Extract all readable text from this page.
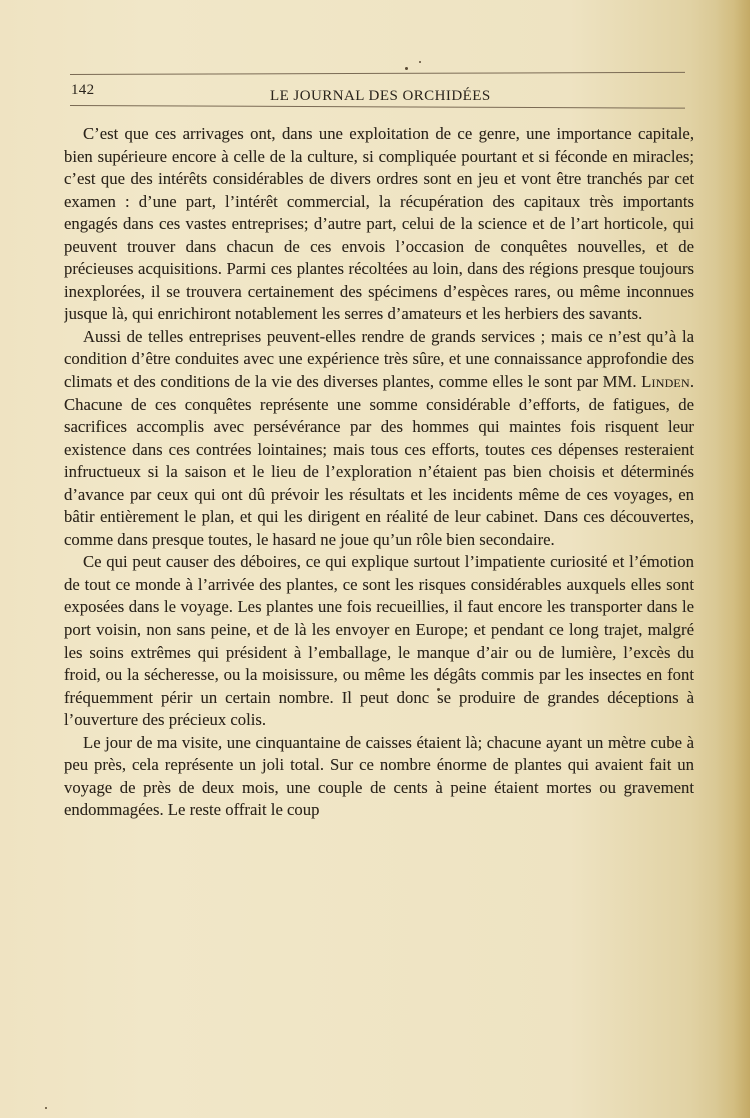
142	LE JOURNAL DES ORCHIDÉES

C’est que ces arrivages ont, dans une exploitation de ce genre, une importance capitale, bien supérieure encore à celle de la culture, si compliquée pourtant et si féconde en miracles; c’est que des intérêts considérables de divers ordres sont en jeu et vont être tranchés par cet examen : d’une part, l’intérêt commercial, la récupération des capitaux très importants engagés dans ces vastes entreprises; d’autre part, celui de la science et de l’art horticole, qui peuvent trouver dans chacun de ces envois l’occasion de conquêtes nouvelles, et de précieuses acquisitions. Parmi ces plantes récoltées au loin, dans des régions presque toujours inexplorées, il se trouvera certainement des spécimens d’espèces rares, ou même inconnues jusque là, qui enrichiront notablement les serres d’amateurs et les herbiers des savants.

Aussi de telles entreprises peuvent-elles rendre de grands services ; mais ce n’est qu’à la condition d’être conduites avec une expérience très sûre, et une connaissance approfondie des climats et des conditions de la vie des diverses plantes, comme elles le sont par MM. Linden. Chacune de ces conquêtes représente une somme considérable d’efforts, de fatigues, de sacrifices accomplis avec persévérance par des hommes qui maintes fois risquent leur existence dans ces contrées lointaines; mais tous ces efforts, toutes ces dépenses resteraient infructueux si la saison et le lieu de l’exploration n’étaient pas bien choisis et déterminés d’avance par ceux qui ont dû prévoir les résultats et les incidents même de ces voyages, en bâtir entièrement le plan, et qui les dirigent en réalité de leur cabinet. Dans ces découvertes, comme dans presque toutes, le hasard ne joue qu’un rôle bien secondaire.

Ce qui peut causer des déboires, ce qui explique surtout l’impatiente curiosité et l’émotion de tout ce monde à l’arrivée des plantes, ce sont les risques considérables auxquels elles sont exposées dans le voyage. Les plantes une fois recueillies, il faut encore les transporter dans le port voisin, non sans peine, et de là les envoyer en Europe; et pendant ce long trajet, malgré les soins extrêmes qui président à l’emballage, le manque d’air ou de lumière, l’excès du froid, ou la sécheresse, ou la moisissure, ou même les dégâts commis par les insectes en font fréquemment périr un certain nombre. Il peut donc se produire de grandes déceptions à l’ouverture des précieux colis.

Le jour de ma visite, une cinquantaine de caisses étaient là; chacune ayant un mètre cube à peu près, cela représente un joli total. Sur ce nombre énorme de plantes qui avaient fait un voyage de près de deux mois, une couple de cents à peine étaient mortes ou gravement endommagées. Le reste offrait le coup
